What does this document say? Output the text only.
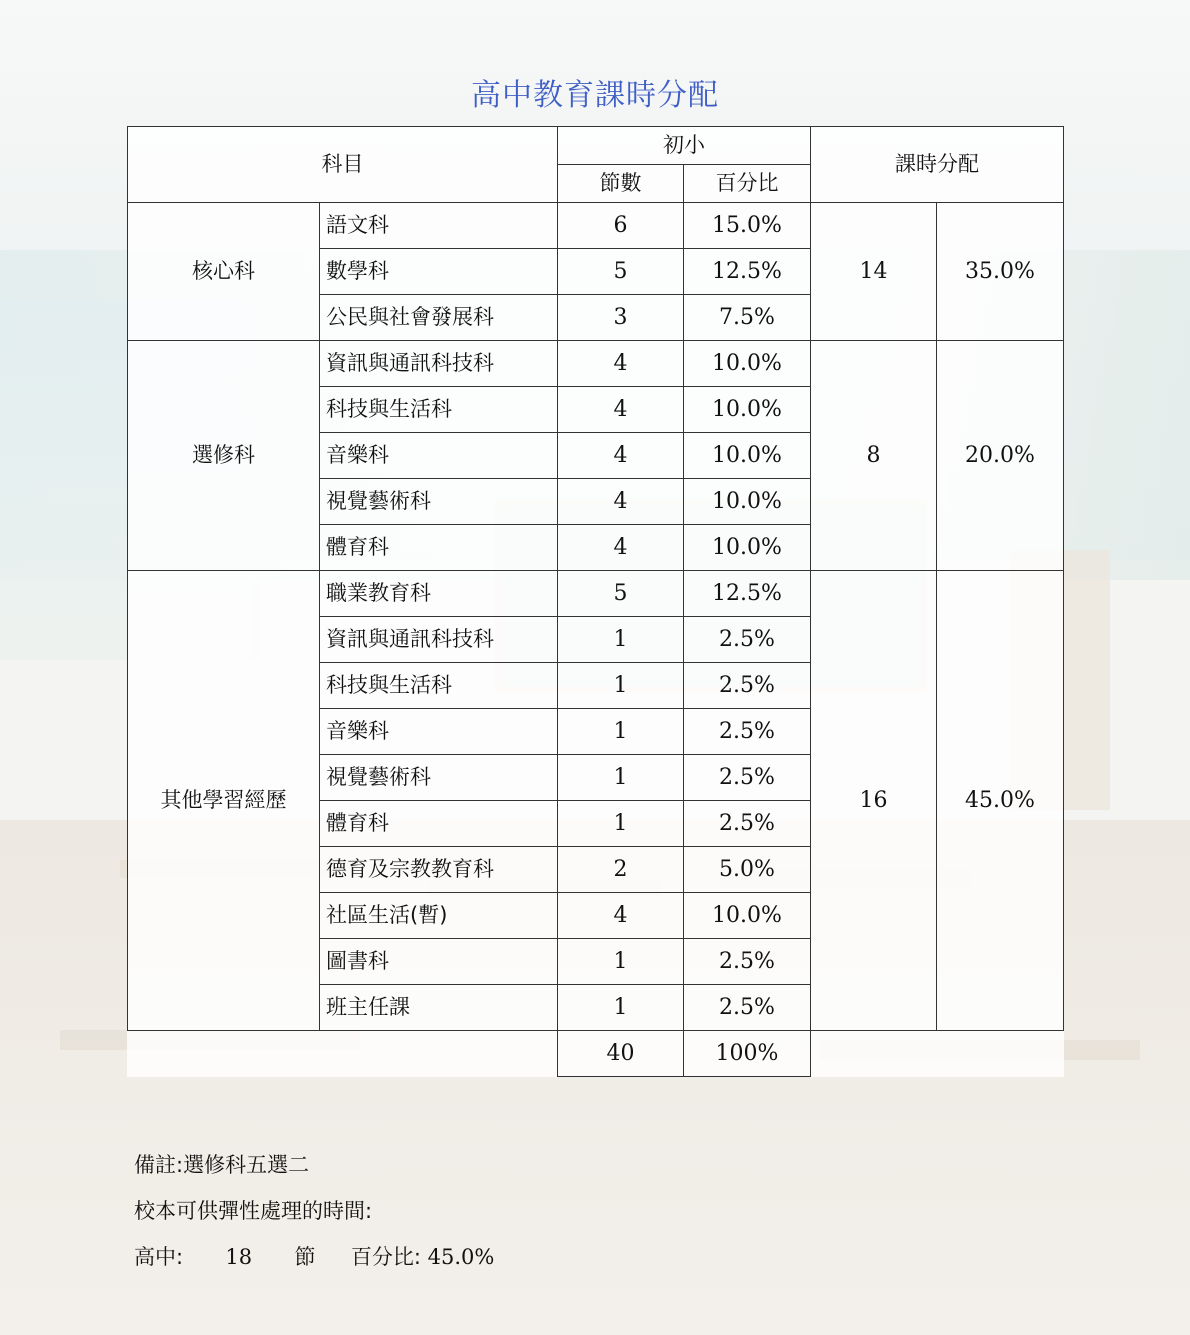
高中教育課時分配
科目		初小		課時分配	
		節數	百分比		
核心科	語文科	6	15.0%	14	35.0%
	數學科	5	12.5%		
	公民與社會發展科	3	7.5%		
選修科	資訊與通訊科技科	4	10.0%	8	20.0%
	科技與生活科	4	10.0%		
	音樂科	4	10.0%		
	視覺藝術科	4	10.0%		
	體育科	4	10.0%		
其他學習經歷	職業教育科	5	12.5%	16	45.0%
	資訊與通訊科技科	1	2.5%		
	科技與生活科	1	2.5%		
	音樂科	1	2.5%		
	視覺藝術科	1	2.5%		
	體育科	1	2.5%		
	德育及宗教教育科	2	5.0%		
	社區生活(暫)	4	10.0%		
	圖書科	1	2.5%		
	班主任課	1	2.5%		
		40	100%		
備註:選修科五選二
校本可供彈性處理的時間:
高中: 18 節 百分比: 45.0%
